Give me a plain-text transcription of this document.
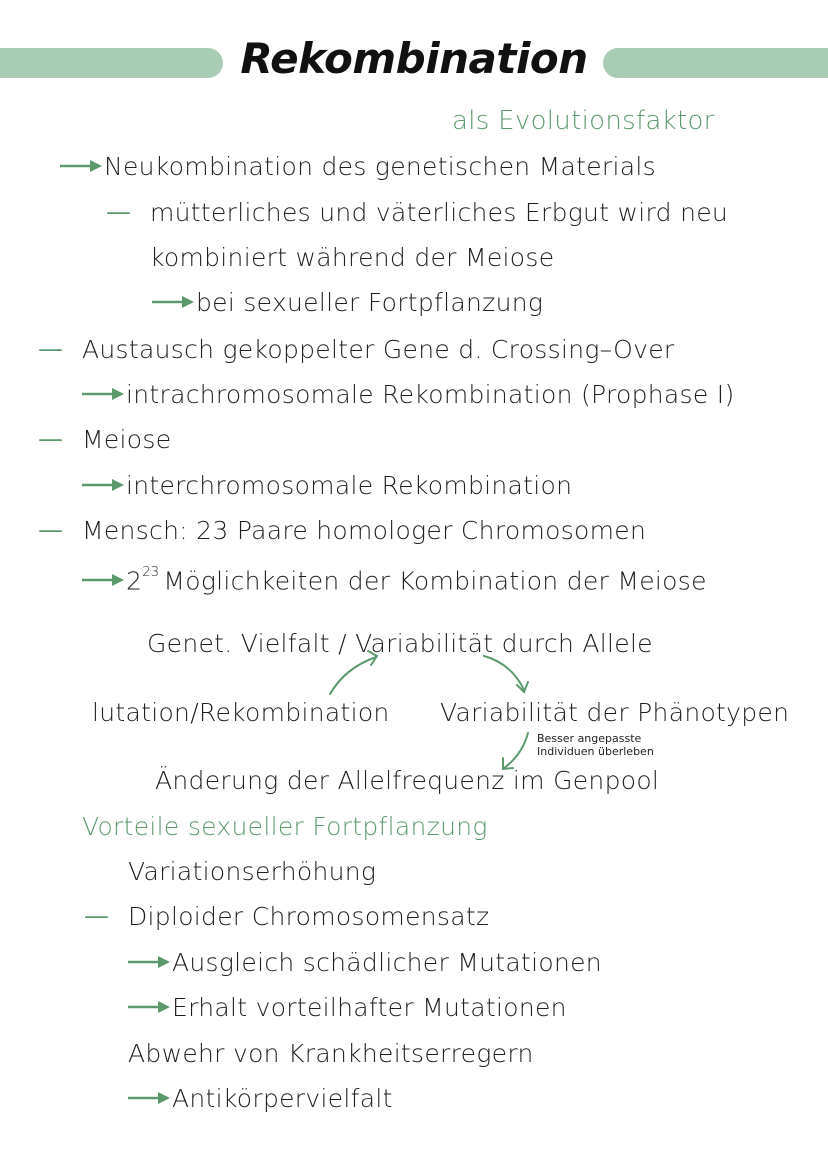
Rekombination
als Evolutionsfaktor
Neukombination des genetischen Materials
— mütterliches und väterliches Erbgut wird neu
kombiniert während der Meiose
bei sexueller Fortpflanzung
— Austausch gekoppelter Gene d. Crossing–Over
intrachromosomale Rekombination (Prophase I)
— Meiose
interchromosomale Rekombination
— Mensch: 23 Paare homologer Chromosomen
$2^{23}$ Möglichkeiten der Kombination der Meiose
Genet. Vielfalt / Variabilität durch Allele
lutation/Rekombination Variabilität der Phänotypen
Besser angepasste
Individuen überleben
Änderung der Allelfrequenz im Genpool
Vorteile sexueller Fortpflanzung
Variationserhöhung
— Diploider Chromosomensatz
Ausgleich schädlicher Mutationen
Erhalt vorteilhafter Mutationen
Abwehr von Krankheitserregern
Antikörpervielfalt
